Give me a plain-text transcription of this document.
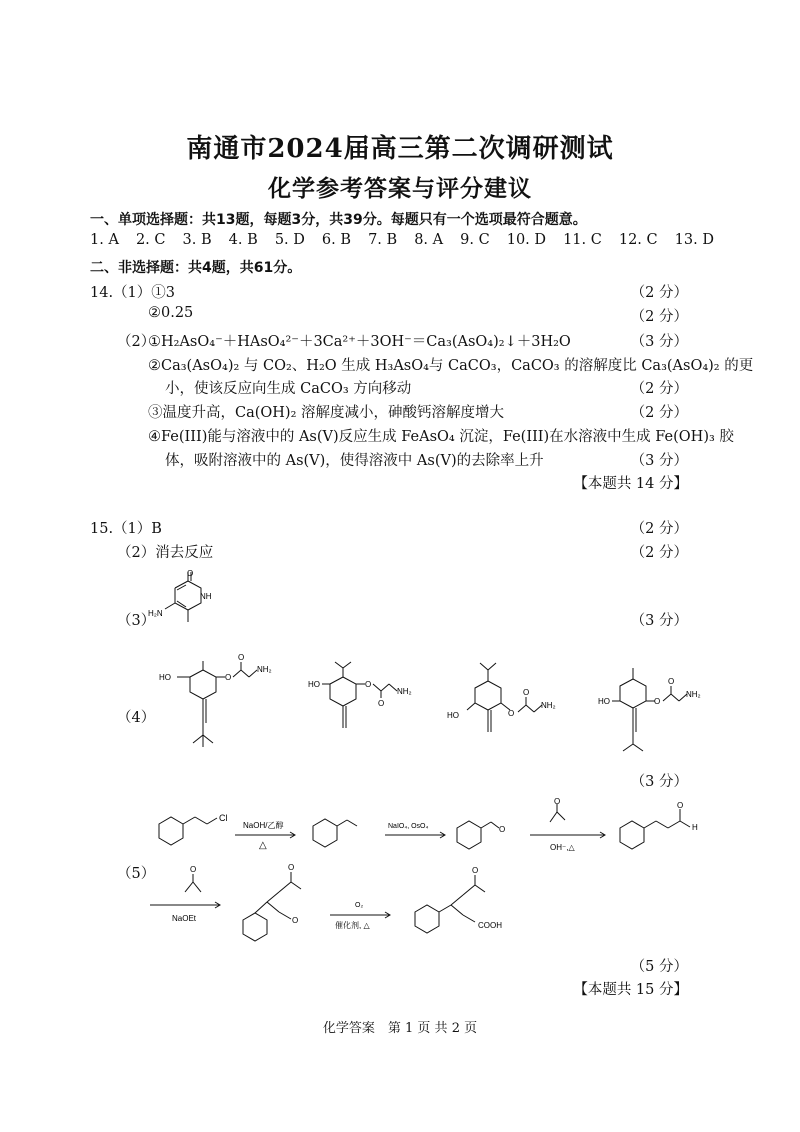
南通市2024届高三第二次调研测试
化学参考答案与评分建议
一、单项选择题：共13题，每题3分，共39分。每题只有一个选项最符合题意。
1. A 2. C 3. B 4. B 5. D 6. B 7. B 8. A 9. C 10. D 11. C 12. C 13. D
二、非选择题：共4题，共61分。
14.（1）①3	（2 分）
②0.25	（2 分）
（2）
①H₂AsO₄⁻＋HAsO₄²⁻＋3Ca²⁺＋3OH⁻＝Ca₃(AsO₄)₂↓＋3H₂O	（3 分）
②Ca₃(AsO₄)₂ 与 CO₂、H₂O 生成 H₃AsO₄与 CaCO₃，CaCO₃ 的溶解度比 Ca₃(AsO₄)₂ 的更
小，使该反应向生成 CaCO₃ 方向移动	（2 分）
③温度升高，Ca(OH)₂ 溶解度减小，砷酸钙溶解度增大	（2 分）
④Fe(III)能与溶液中的 As(V)反应生成 FeAsO₄ 沉淀，Fe(III)在水溶液中生成 Fe(OH)₃ 胶
体，吸附溶液中的 As(V)，使得溶液中 As(V)的去除率上升	（3 分）
【本题共 14 分】
15.（1）B	（2 分）
（2）消去反应	（2 分）
（3）	（3 分）
O
NH
H₂N
（4）
（3 分）
HO	O
O
NH₂
HO	O
O
NH₂
HO	O
O
NH₂	HO	O
O
NH₂
（5）
Cl
NaOH/乙醇
△
NaIO₄, OsO₄	O
O
OH⁻,△
O
H
O
NaOEt
O
O
O₂
催化剂, △
O
COOH
（5 分）
【本题共 15 分】
化学答案　第 1 页 共 2 页
